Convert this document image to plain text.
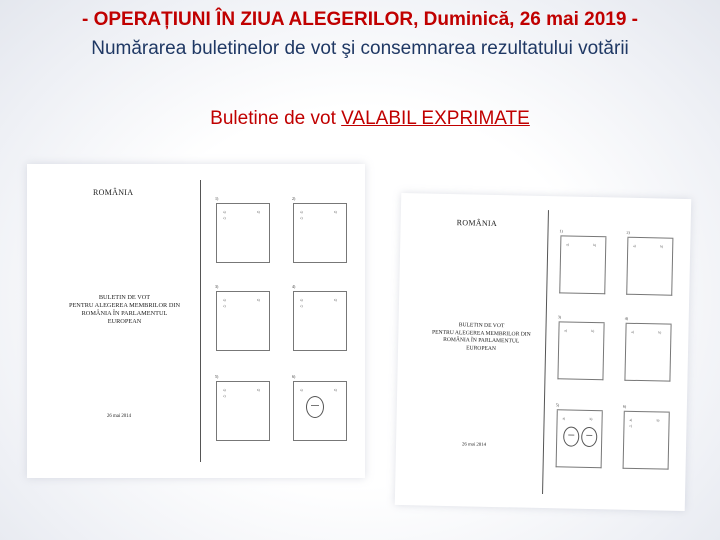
- OPERAȚIUNI ÎN ZIUA ALEGERILOR, Duminică, 26 mai 2019 -
Numărarea buletinelor de vot şi consemnarea rezultatului votării
Buletine de vot VALABIL EXPRIMATE
ROMÂNIA
BULETIN DE VOT
PENTRU ALEGEREA MEMBRILOR DIN
ROMÂNIA ÎN PARLAMENTUL
EUROPEAN
26 mai 2014
1)
a)	b)
c)
2)
a)	b)
c)
3)
a)	b)
c)
4)
a)	b)
c)
5)
a)	b)
c)
6)
a)	b)
ROMÂNIA
BULETIN DE VOT
PENTRU ALEGEREA MEMBRILOR DIN
ROMÂNIA ÎN PARLAMENTUL
EUROPEAN
26 mai 2014
1)
a)	b)
2)
a)	b)
3)
a)	b)
4)
a)	b)
5)
a)	b)
6)
a)	b)
c)
